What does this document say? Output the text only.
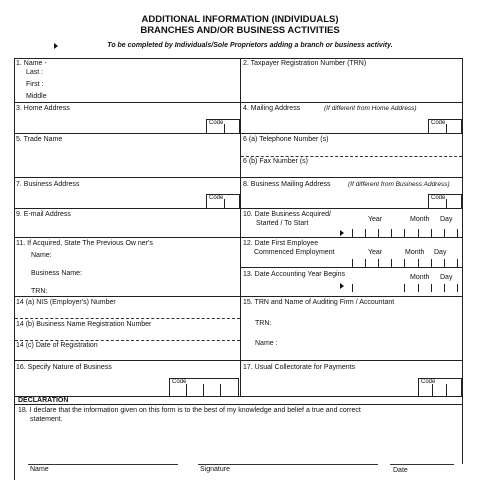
ADDITIONAL INFORMATION (INDIVIDUALS)
BRANCHES AND/OR BUSINESS ACTIVITIES
To be completed by Individuals/Sole Proprietors adding a branch or business activity.
1. Name -
Last :
First :
Middle
2. Taxpayer Registration Number (TRN)
3. Home Address	4. Mailing Address	(If different from Home Address)
Code	Code
5. Trade Name	6 (a) Telephone Number (s)
6 (b) Fax Number (s)
7. Business Address	8. Business Mailing Address	(If different from Business Address)
Code	Code
9. E-mail Address	10. Date Business Acquired/
Started / To Start
Year	Month Day
11. If Acquired, State The Previous Ow ner's
Name:
Business Name:
TRN:
12. Date First Employee
Commenced Employment	Year	Month Day
13. Date Accounting Year Begins	Month Day
14 (a) NIS (Employer's) Number
14 (b) Business Name Registration Number
14 (c) Date of Registration
15. TRN and Name of Auditing Firm / Accountant
TRN:
Name :
16. Specify Nature of Business	17. Usual Collectorate for Payments
Code	Code
DECLARATION
18. I declare that the information given on this form is to the best of my knowledge and belief a true and correct
statement.
Name	Signature	Date
